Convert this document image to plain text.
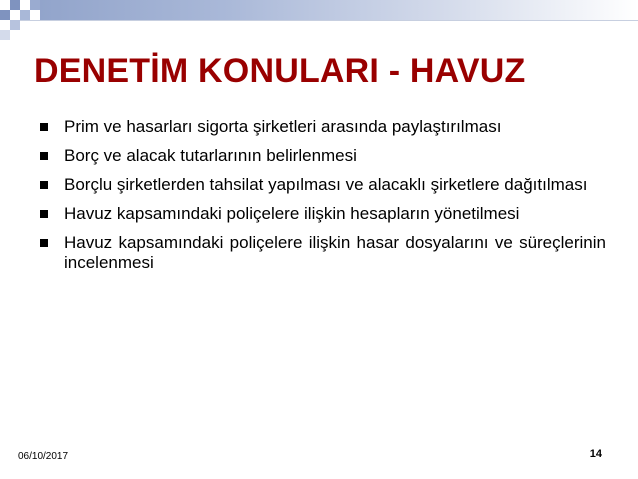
DENETİM KONULARI - HAVUZ
Prim ve hasarları sigorta şirketleri arasında paylaştırılması
Borç ve alacak tutarlarının belirlenmesi
Borçlu şirketlerden tahsilat yapılması ve alacaklı şirketlere dağıtılması
Havuz kapsamındaki poliçelere ilişkin hesapların yönetilmesi
Havuz kapsamındaki poliçelere ilişkin hasar dosyalarını ve süreçlerinin incelenmesi
06/10/2017	14
